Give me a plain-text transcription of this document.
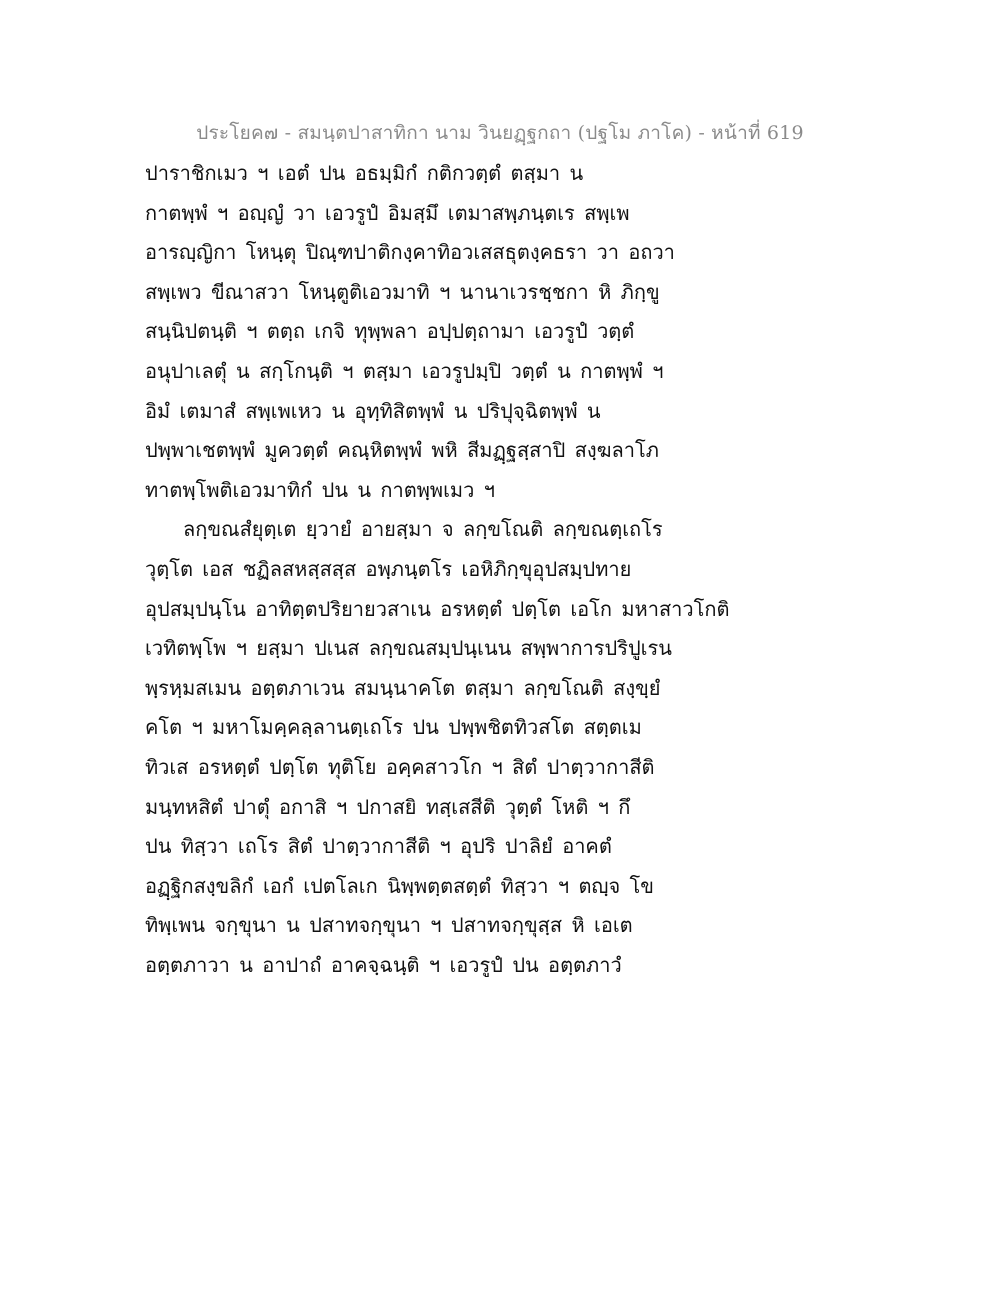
ประโยค๗ - สมนฺตปาสาทิกา นาม วินยฏฺฐกถา (ปฐโม ภาโค) - หน้าที่ 619
ปาราชิกเมว ฯ เอตํ ปน อธมฺมิกํ กติกวตฺตํ ตสฺมา น
กาตพฺพํ ฯ อญฺญํ วา เอวรูปํ อิมสฺมึ เตมาสพฺภนฺตเร สพฺเพ
อารญฺญิกา โหนฺตุ ปิณฺฑปาติกงฺคาทิอวเสสธุตงฺคธรา วา อถวา
สพฺเพว ขีณาสวา โหนฺตูติเอวมาทิ ฯ นานาเวรชฺชกา หิ ภิกฺขู
สนฺนิปตนฺติ ฯ ตตฺถ เกจิ ทุพฺพลา อปฺปตฺถามา เอวรูปํ วตฺตํ
อนุปาเลตุํ น สกฺโกนฺติ ฯ ตสฺมา เอวรูปมฺปิ วตฺตํ น กาตพฺพํ ฯ
อิมํ เตมาสํ สพฺเพเหว น อุทฺทิสิตพฺพํ น ปริปุจฺฉิตพฺพํ น
ปพฺพาเชตพฺพํ มูควตฺตํ คณฺหิตพฺพํ พหิ สีมฏฺฐสฺสาปิ สงฺฆลาโภ
ทาตพฺโพติเอวมาทิกํ ปน น กาตพฺพเมว ฯ
ลกฺขณสํยุตฺเต ยฺวายํ อายสฺมา จ ลกฺขโณติ ลกฺขณตฺเถโร
วุตฺโต เอส ชฏิลสหสฺสสฺส อพฺภนฺตโร เอหิภิกฺขุอุปสมฺปทาย
อุปสมฺปนฺโน อาทิตฺตปริยายวสาเน อรหตฺตํ ปตฺโต เอโก มหาสาวโกติ
เวทิตพฺโพ ฯ ยสฺมา ปเนส ลกฺขณสมฺปนฺเนน สพฺพาการปริปูเรน
พฺรหฺมสเมน อตฺตภาเวน สมนฺนาคโต ตสฺมา ลกฺขโณติ สงฺขฺยํ
คโต ฯ มหาโมคฺคลฺลานตฺเถโร ปน ปพฺพชิตทิวสโต สตฺตเม
ทิวเส อรหตฺตํ ปตฺโต ทุติโย อคฺคสาวโก ฯ สิตํ ปาตฺวากาสีติ
มนฺทหสิตํ ปาตุํ อกาสิ ฯ ปกาสยิ ทสฺเสสีติ วุตฺตํ โหติ ฯ กึ
ปน ทิสฺวา เถโร สิตํ ปาตฺวากาสีติ ฯ อุปริ ปาลิยํ อาคตํ
อฏฺฐิกสงฺขลิกํ เอกํ เปตโลเก นิพฺพตฺตสตฺตํ ทิสฺวา ฯ ตญฺจ โข
ทิพฺเพน จกฺขุนา น ปสาทจกฺขุนา ฯ ปสาทจกฺขุสฺส หิ เอเต
อตฺตภาวา น อาปาถํ อาคจฺฉนฺติ ฯ เอวรูปํ ปน อตฺตภาวํ
